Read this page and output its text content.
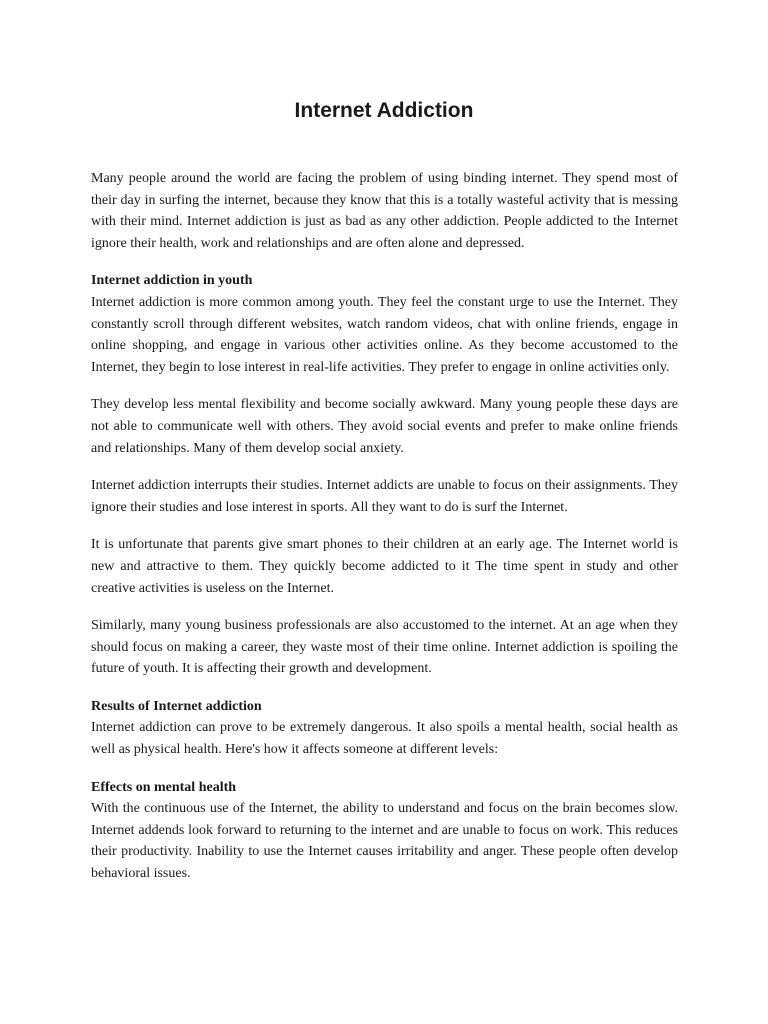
Internet Addiction

Many people around the world are facing the problem of using binding internet. They spend most of their day in surfing the internet, because they know that this is a totally wasteful activity that is messing with their mind. Internet addiction is just as bad as any other addiction. People addicted to the Internet ignore their health, work and relationships and are often alone and depressed.

Internet addiction in youth

Internet addiction is more common among youth. They feel the constant urge to use the Internet. They constantly scroll through different websites, watch random videos, chat with online friends, engage in online shopping, and engage in various other activities online. As they become accustomed to the Internet, they begin to lose interest in real-life activities. They prefer to engage in online activities only.

They develop less mental flexibility and become socially awkward. Many young people these days are not able to communicate well with others. They avoid social events and prefer to make online friends and relationships. Many of them develop social anxiety.

Internet addiction interrupts their studies. Internet addicts are unable to focus on their assignments. They ignore their studies and lose interest in sports. All they want to do is surf the Internet.

It is unfortunate that parents give smart phones to their children at an early age. The Internet world is new and attractive to them. They quickly become addicted to it The time spent in study and other creative activities is useless on the Internet.

Similarly, many young business professionals are also accustomed to the internet. At an age when they should focus on making a career, they waste most of their time online. Internet addiction is spoiling the future of youth. It is affecting their growth and development.

Results of Internet addiction

Internet addiction can prove to be extremely dangerous. It also spoils a mental health, social health as well as physical health. Here's how it affects someone at different levels:

Effects on mental health

With the continuous use of the Internet, the ability to understand and focus on the brain becomes slow. Internet addends look forward to returning to the internet and are unable to focus on work. This reduces their productivity. Inability to use the Internet causes irritability and anger. These people often develop behavioral issues.
